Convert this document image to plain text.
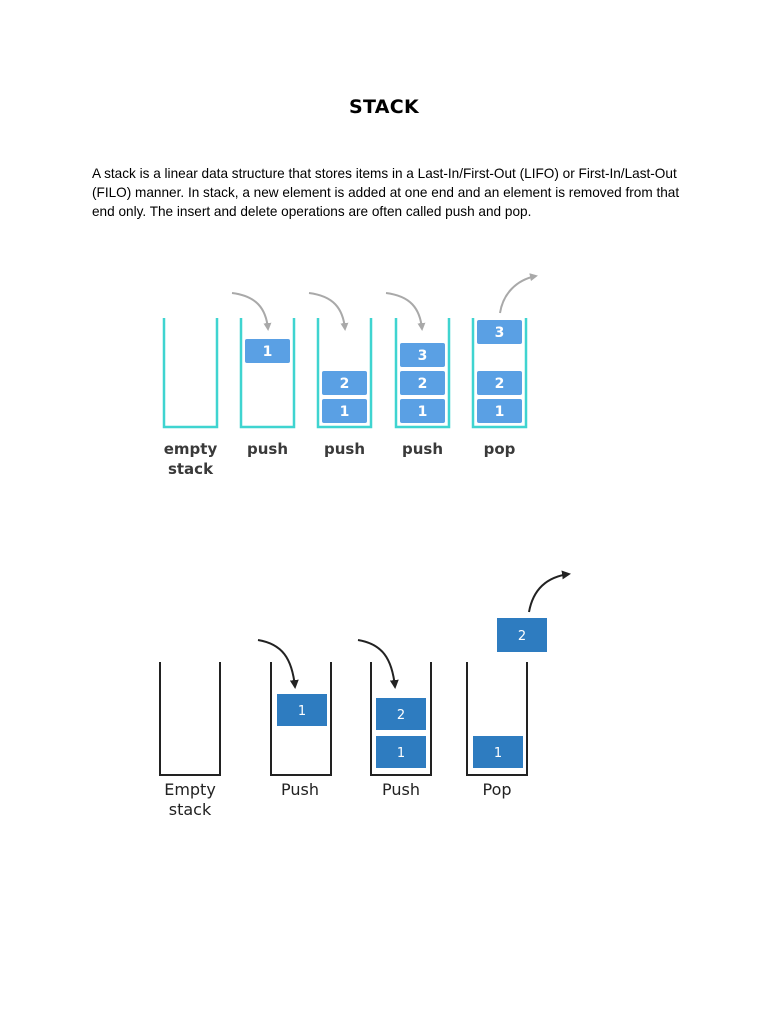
STACK

A stack is a linear data structure that stores items in a Last-In/First-Out (LIFO) or First-In/Last-Out (FILO) manner. In stack, a new element is added at one end and an element is removed from that end only. The insert and delete operations are often called push and pop.

1
2
1
3
2
1
3
2
1
empty
stack
push push push	pop
1	2
1
2
1
Empty
stack
Push	Push	Pop
